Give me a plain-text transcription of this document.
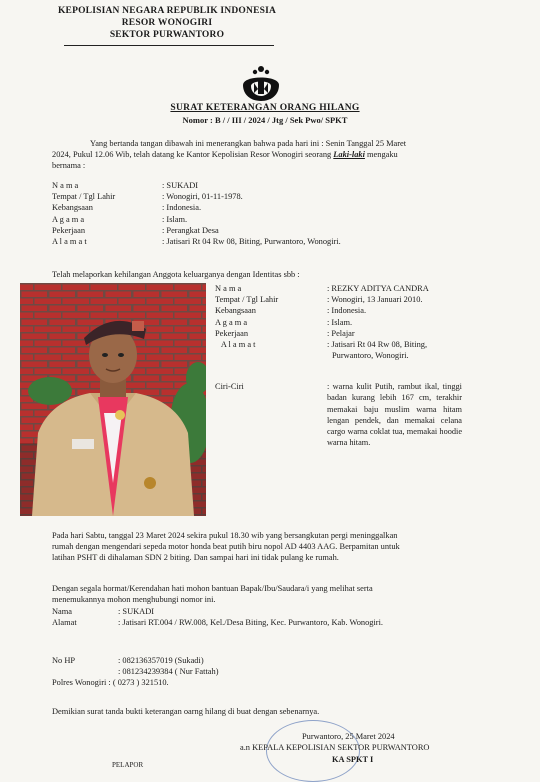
KEPOLISIAN NEGARA REPUBLIK INDONESIA
RESOR WONOGIRI
SEKTOR PURWANTORO
SURAT KETERANGAN ORANG HILANG
Nomor : B / / III / 2024 / Jtg / Sek Pwo/ SPKT
Yang bertanda tangan dibawah ini menerangkan bahwa pada hari ini : Senin Tanggal 25 Maret
2024, Pukul 12.06 Wib, telah datang ke Kantor Kepolisian Resor Wonogiri seorang Laki-laki mengaku
bernama :
N a m a	: SUKADI
Tempat / Tgl Lahir	: Wonogiri, 01-11-1978.
Kebangsaan	: Indonesia.
A g a m a	: Islam.
Pekerjaan	: Perangkat Desa
A l a m a t	: Jatisari Rt 04 Rw 08, Biting, Purwantoro, Wonogiri.
Telah melaporkan kehilangan Anggota keluarganya dengan Identitas sbb :
N a m a	: REZKY ADITYA CANDRA
Tempat / Tgl Lahir	: Wonogiri, 13 Januari 2010.
Kebangsaan	: Indonesia.
A g a m a	: Islam.
Pekerjaan	: Pelajar
A l a m a t	: Jatisari Rt 04 Rw 08, Biting,
Purwantoro, Wonogiri.
Ciri-Ciri	: warna kulit Putih, rambut ikal, tinggi badan kurang lebih 167 cm, terakhir memakai baju muslim warna hitam lengan pendek, dan memakai celana cargo warna coklat tua, memakai hoodie warna hitam.
Pada hari Sabtu, tanggal 23 Maret 2024 sekira pukul 18.30 wib yang bersangkutan pergi meninggalkan
rumah dengan mengendari sepeda motor honda beat putih biru nopol AD 4403 AAG. Berpamitan untuk
latihan PSHT di dihalaman SDN 2 biting. Dan sampai hari ini tidak pulang ke rumah.
Dengan segala hormat/Kerendahan hati mohon bantuan Bapak/Ibu/Saudara/i yang melihat serta
menemukannya mohon menghubungi nomor ini.
Nama	: SUKADI
Alamat	: Jatisari RT.004 / RW.008, Kel./Desa Biting, Kec. Purwantoro, Kab. Wonogiri.
No HP	: 082136357019 (Sukadi)
: 081234239384 ( Nur Fattah)
Polres Wonogiri : ( 0273 ) 321510.
Demikian surat tanda bukti keterangan oarng hilang di buat dengan sebenarnya.
Purwantoro, 25 Maret 2024
a.n KEPALA KEPOLISIAN SEKTOR PURWANTORO
KA SPKT I
PELAPOR
